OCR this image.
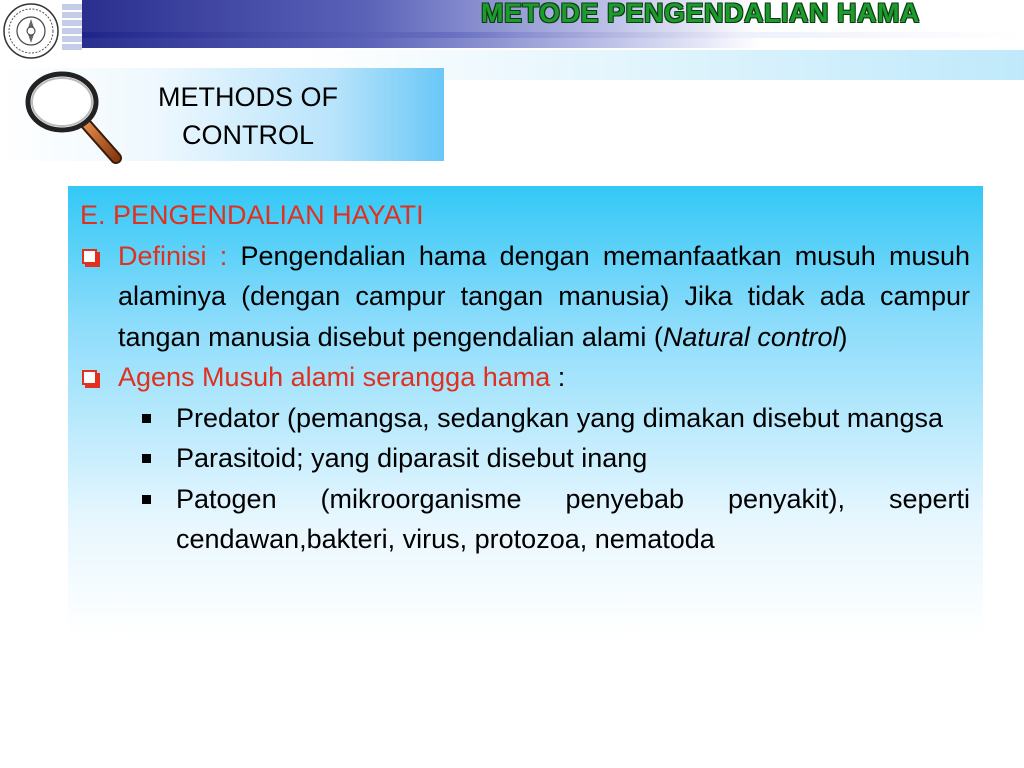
METODE PENGENDALIAN HAMA
METHODS OF
CONTROL
E. PENGENDALIAN HAYATI
Definisi : Pengendalian hama dengan memanfaatkan musuh musuh alaminya (dengan campur tangan manusia) Jika tidak ada campur tangan manusia disebut pengendalian alami (Natural control)
Agens Musuh alami serangga hama :
Predator (pemangsa, sedangkan yang dimakan disebut mangsa
Parasitoid; yang diparasit disebut inang
Patogen (mikroorganisme penyebab penyakit), seperti cendawan,bakteri, virus, protozoa, nematoda
